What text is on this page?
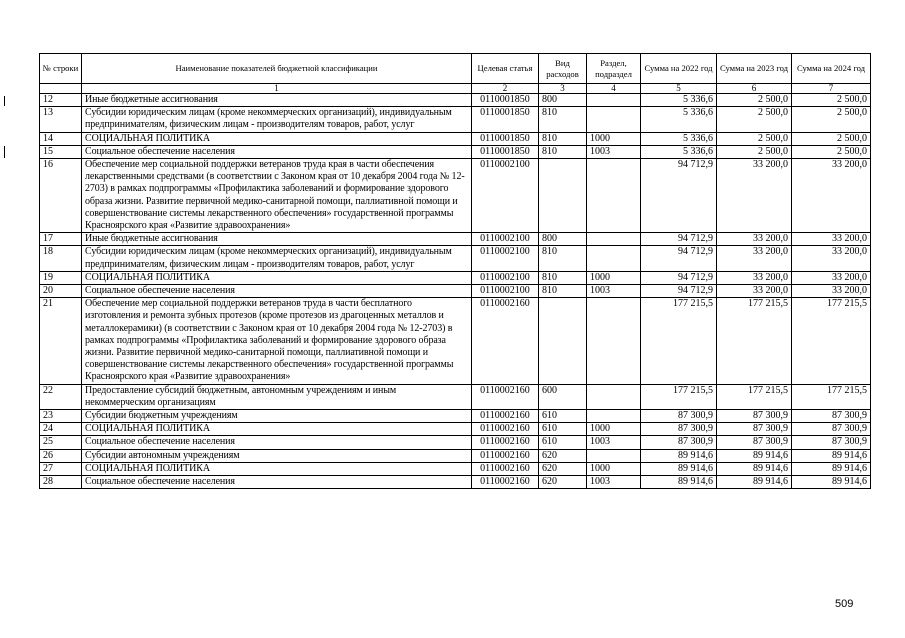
№ строки	Наименование показателей бюджетной классификации	Целевая статья	Вид расходов	Раздел, подраздел	Сумма на 2022 год	Сумма на 2023 год	Сумма на 2024 год
	1	2	3	4	5	6	7
12	Иные бюджетные ассигнования	0110001850	800		5 336,6	2 500,0	2 500,0
13	Субсидии юридическим лицам (кроме некоммерческих организаций), индивидуальным предпринимателям, физическим лицам - производителям товаров, работ, услуг	0110001850	810		5 336,6	2 500,0	2 500,0
14	СОЦИАЛЬНАЯ ПОЛИТИКА	0110001850	810	1000	5 336,6	2 500,0	2 500,0
15	Социальное обеспечение населения	0110001850	810	1003	5 336,6	2 500,0	2 500,0
16	Обеспечение мер социальной поддержки ветеранов труда края в части обеспечения лекарственными средствами (в соответствии с Законом края от 10 декабря 2004 года № 12-2703) в рамках подпрограммы «Профилактика заболеваний и формирование здорового образа жизни. Развитие первичной медико-санитарной помощи, паллиативной помощи и совершенствование системы лекарственного обеспечения» государственной программы Красноярского края «Развитие здравоохранения»	0110002100			94 712,9	33 200,0	33 200,0
17	Иные бюджетные ассигнования	0110002100	800		94 712,9	33 200,0	33 200,0
18	Субсидии юридическим лицам (кроме некоммерческих организаций), индивидуальным предпринимателям, физическим лицам - производителям товаров, работ, услуг	0110002100	810		94 712,9	33 200,0	33 200,0
19	СОЦИАЛЬНАЯ ПОЛИТИКА	0110002100	810	1000	94 712,9	33 200,0	33 200,0
20	Социальное обеспечение населения	0110002100	810	1003	94 712,9	33 200,0	33 200,0
21	Обеспечение мер социальной поддержки ветеранов труда в части бесплатного изготовления и ремонта зубных протезов (кроме протезов из драгоценных металлов и металлокерамики) (в соответствии с Законом края от 10 декабря 2004 года № 12-2703) в рамках подпрограммы «Профилактика заболеваний и формирование здорового образа жизни. Развитие первичной медико-санитарной помощи, паллиативной помощи и совершенствование системы лекарственного обеспечения» государственной программы Красноярского края «Развитие здравоохранения»	0110002160			177 215,5	177 215,5	177 215,5
22	Предоставление субсидий бюджетным, автономным учреждениям и иным некоммерческим организациям	0110002160	600		177 215,5	177 215,5	177 215,5
23	Субсидии бюджетным учреждениям	0110002160	610		87 300,9	87 300,9	87 300,9
24	СОЦИАЛЬНАЯ ПОЛИТИКА	0110002160	610	1000	87 300,9	87 300,9	87 300,9
25	Социальное обеспечение населения	0110002160	610	1003	87 300,9	87 300,9	87 300,9
26	Субсидии автономным учреждениям	0110002160	620		89 914,6	89 914,6	89 914,6
27	СОЦИАЛЬНАЯ ПОЛИТИКА	0110002160	620	1000	89 914,6	89 914,6	89 914,6
28	Социальное обеспечение населения	0110002160	620	1003	89 914,6	89 914,6	89 914,6
509
